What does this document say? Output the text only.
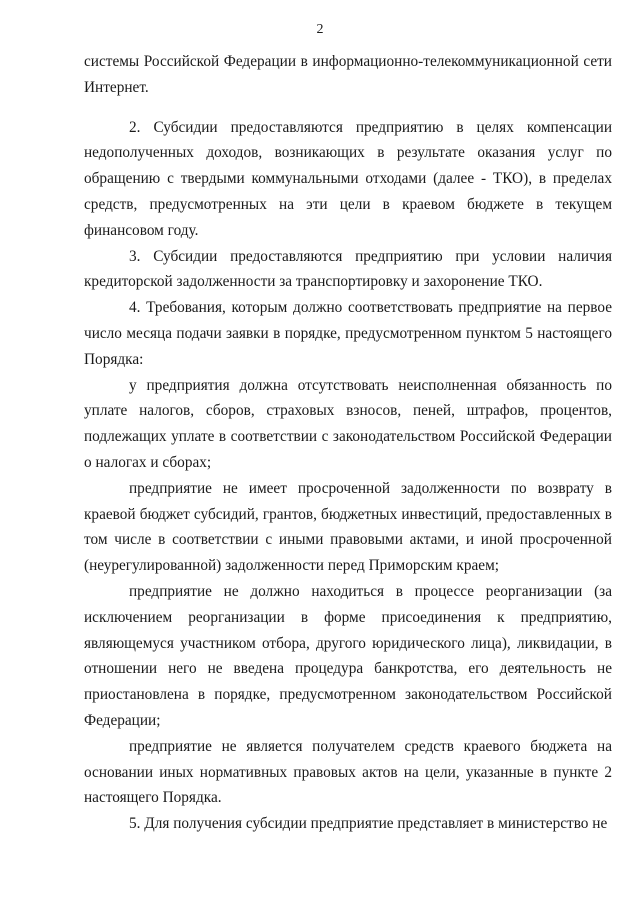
2

системы Российской Федерации в информационно-телекоммуникационной сети Интернет.

2. Субсидии предоставляются предприятию в целях компенсации недополученных доходов, возникающих в результате оказания услуг по обращению с твердыми коммунальными отходами (далее - ТКО), в пределах средств, предусмотренных на эти цели в краевом бюджете в текущем финансовом году.

3. Субсидии предоставляются предприятию при условии наличия кредиторской задолженности за транспортировку и захоронение ТКО.

4. Требования, которым должно соответствовать предприятие на первое число месяца подачи заявки в порядке, предусмотренном пунктом 5 настоящего Порядка:

у предприятия должна отсутствовать неисполненная обязанность по уплате налогов, сборов, страховых взносов, пеней, штрафов, процентов, подлежащих уплате в соответствии с законодательством Российской Федерации о налогах и сборах;

предприятие не имеет просроченной задолженности по возврату в краевой бюджет субсидий, грантов, бюджетных инвестиций, предоставленных в том числе в соответствии с иными правовыми актами, и иной просроченной (неурегулированной) задолженности перед Приморским краем;

предприятие не должно находиться в процессе реорганизации (за исключением реорганизации в форме присоединения к предприятию, являющемуся участником отбора, другого юридического лица), ликвидации, в отношении него не введена процедура банкротства, его деятельность не приостановлена в порядке, предусмотренном законодательством Российской Федерации;

предприятие не является получателем средств краевого бюджета на основании иных нормативных правовых актов на цели, указанные в пункте 2 настоящего Порядка.

5. Для получения субсидии предприятие представляет в министерство не
